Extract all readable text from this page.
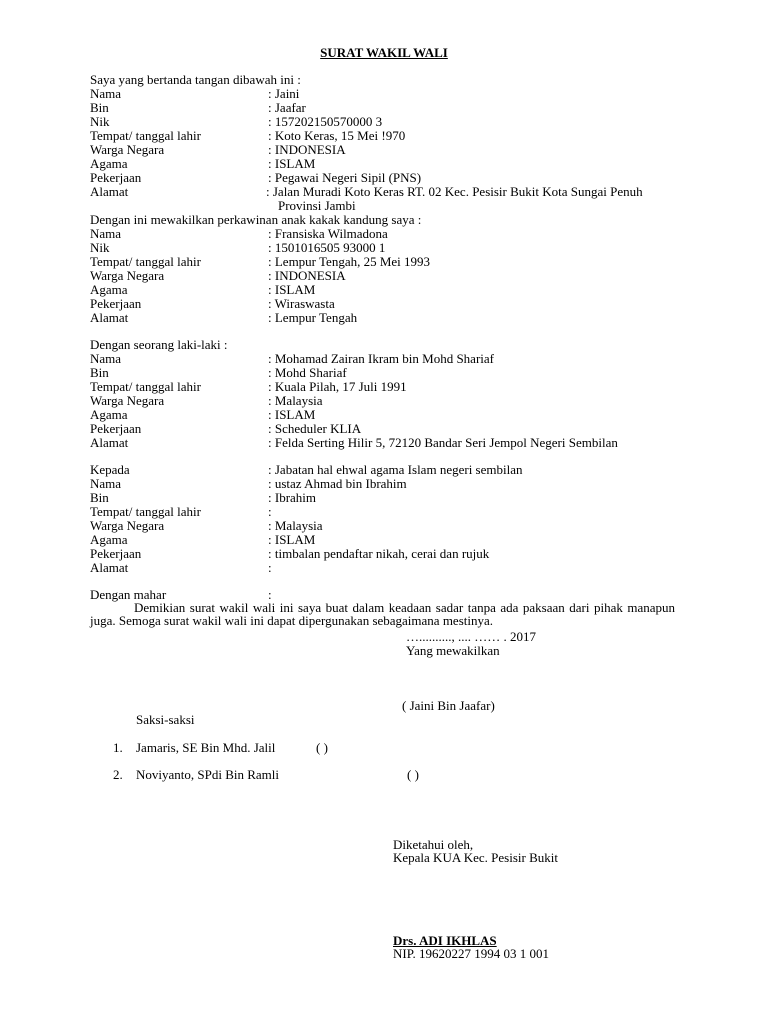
SURAT WAKIL WALI
Saya yang bertanda tangan dibawah ini :
Nama	: Jaini
Bin	: Jaafar
Nik	: 157202150570000 3
Tempat/ tanggal lahir	: Koto Keras, 15 Mei !970
Warga Negara	: INDONESIA
Agama	: ISLAM
Pekerjaan	: Pegawai Negeri Sipil (PNS)
Alamat	: Jalan Muradi Koto Keras RT. 02 Kec. Pesisir Bukit Kota Sungai Penuh
Provinsi Jambi
Dengan ini mewakilkan perkawinan anak kakak kandung saya :
Nama	: Fransiska Wilmadona
Nik	: 1501016505 93000 1
Tempat/ tanggal lahir	: Lempur Tengah, 25 Mei 1993
Warga Negara	: INDONESIA
Agama	: ISLAM
Pekerjaan	: Wiraswasta
Alamat	: Lempur Tengah
Dengan seorang laki-laki :
Nama	: Mohamad Zairan Ikram bin Mohd Shariaf
Bin	: Mohd Shariaf
Tempat/ tanggal lahir	: Kuala Pilah, 17 Juli 1991
Warga Negara	: Malaysia
Agama	: ISLAM
Pekerjaan	: Scheduler KLIA
Alamat	: Felda Serting Hilir 5, 72120 Bandar Seri Jempol Negeri Sembilan
Kepada	: Jabatan hal ehwal agama Islam negeri sembilan
Nama	: ustaz Ahmad bin Ibrahim
Bin	: Ibrahim
Tempat/ tanggal lahir	:
Warga Negara	: Malaysia
Agama	: ISLAM
Pekerjaan	: timbalan pendaftar nikah, cerai dan rujuk
Alamat	:
Dengan mahar	:
Demikian surat wakil wali ini saya buat dalam keadaan sadar tanpa ada paksaan dari pihak manapun juga. Semoga surat wakil wali ini dapat dipergunakan sebagaimana mestinya.
….........., .... …… . 2017
Yang mewakilkan
( Jaini Bin Jaafar)
Saksi-saksi
1. Jamaris, SE Bin Mhd. Jalil	( )
2. Noviyanto, SPdi Bin Ramli	( )
Diketahui oleh,
Kepala KUA Kec. Pesisir Bukit
Drs. ADI IKHLAS
NIP. 19620227 1994 03 1 001
